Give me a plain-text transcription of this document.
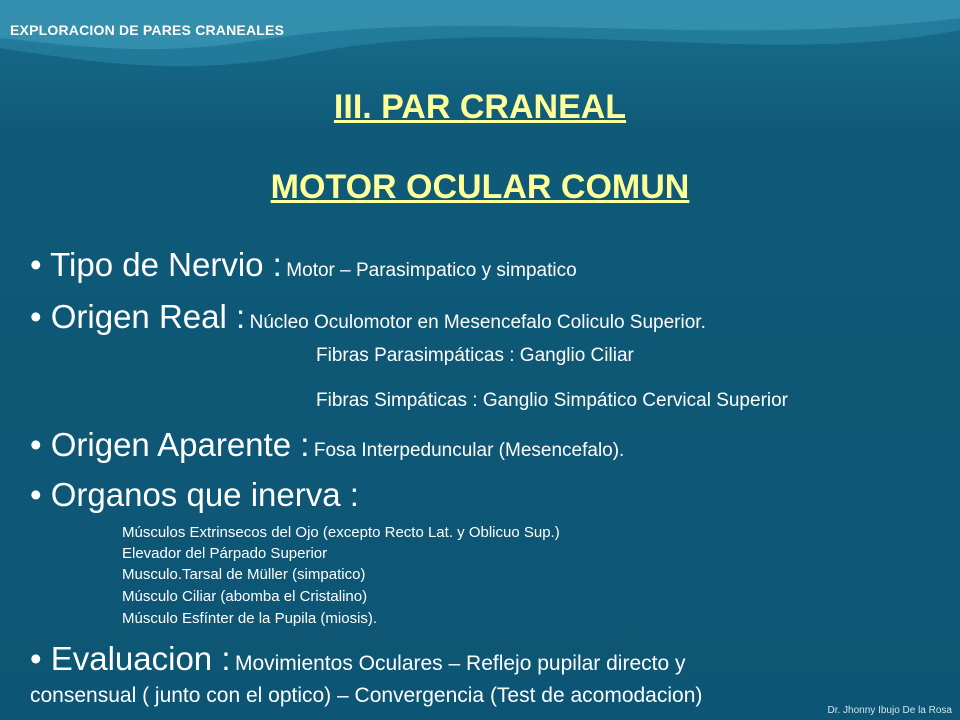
EXPLORACION DE PARES CRANEALES
III. PAR CRANEAL
MOTOR OCULAR COMUN
• Tipo de Nervio : Motor – Parasimpatico y simpatico
• Origen Real : Núcleo Oculomotor en Mesencefalo Coliculo Superior.
Fibras Parasimpáticas : Ganglio Ciliar
Fibras Simpáticas : Ganglio Simpático Cervical Superior
• Origen Aparente : Fosa Interpeduncular (Mesencefalo).
• Organos que inerva :
Músculos Extrinsecos del Ojo (excepto Recto Lat. y Oblicuo Sup.)
Elevador del Párpado Superior
Musculo.Tarsal de Müller (simpatico)
Músculo Ciliar (abomba el Cristalino)
Músculo Esfínter de la Pupila (miosis).
• Evaluacion : Movimientos Oculares – Reflejo pupilar directo y
consensual ( junto con el optico) – Convergencia (Test de acomodacion)
Dr. Jhonny Ibujo De la Rosa
